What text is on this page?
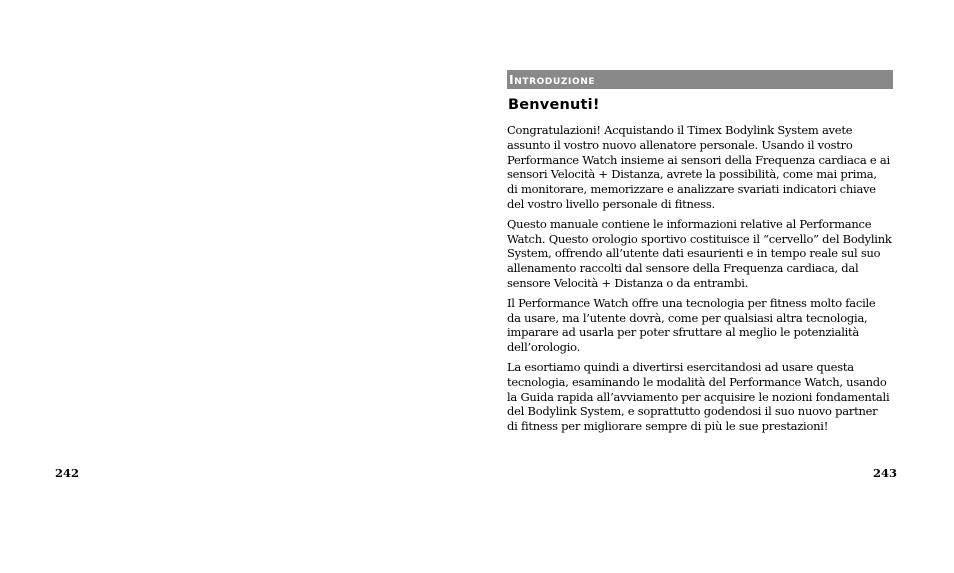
Introduzione
Benvenuti!
Congratulazioni! Acquistando il Timex Bodylink System avete
assunto il vostro nuovo allenatore personale. Usando il vostro
Performance Watch insieme ai sensori della Frequenza cardiaca e ai
sensori Velocità + Distanza, avrete la possibilità, come mai prima,
di monitorare, memorizzare e analizzare svariati indicatori chiave
del vostro livello personale di fitness.
Questo manuale contiene le informazioni relative al Performance
Watch. Questo orologio sportivo costituisce il “cervello” del Bodylink
System, offrendo all’utente dati esaurienti e in tempo reale sul suo
allenamento raccolti dal sensore della Frequenza cardiaca, dal
sensore Velocità + Distanza o da entrambi.
Il Performance Watch offre una tecnologia per fitness molto facile
da usare, ma l’utente dovrà, come per qualsiasi altra tecnologia,
imparare ad usarla per poter sfruttare al meglio le potenzialità
dell’orologio.
La esortiamo quindi a divertirsi esercitandosi ad usare questa
tecnologia, esaminando le modalità del Performance Watch, usando
la Guida rapida all’avviamento per acquisire le nozioni fondamentali
del Bodylink System, e soprattutto godendosi il suo nuovo partner
di fitness per migliorare sempre di più le sue prestazioni!
242	243
